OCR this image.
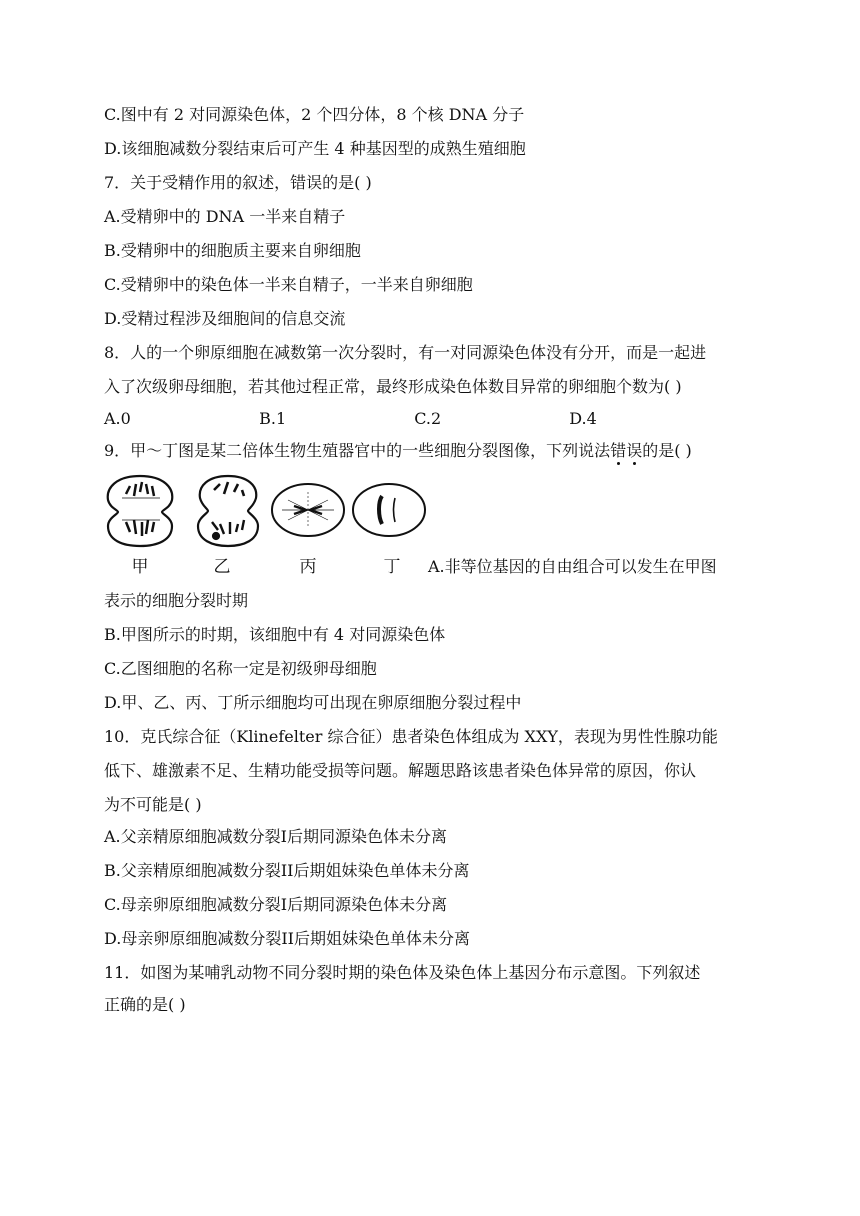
C.图中有 2 对同源染色体，2 个四分体，8 个核 DNA 分子
D.该细胞减数分裂结束后可产生 4 种基因型的成熟生殖细胞
7．关于受精作用的叙述，错误的是( )
A.受精卵中的 DNA 一半来自精子
B.受精卵中的细胞质主要来自卵细胞
C.受精卵中的染色体一半来自精子，一半来自卵细胞
D.受精过程涉及细胞间的信息交流
8．人的一个卵原细胞在减数第一次分裂时，有一对同源染色体没有分开，而是一起进
入了次级卵母细胞，若其他过程正常，最终形成染色体数目异常的卵细胞个数为( )
A.0	B.1	C.2	D.4
9．甲～丁图是某二倍体生物生殖器官中的一些细胞分裂图像，下列说法错误的是( )
甲	乙	丙	丁	A.非等位基因的自由组合可以发生在甲图
表示的细胞分裂时期
B.甲图所示的时期，该细胞中有 4 对同源染色体
C.乙图细胞的名称一定是初级卵母细胞
D.甲、乙、丙、丁所示细胞均可出现在卵原细胞分裂过程中
10．克氏综合征（Klinefelter 综合征）患者染色体组成为 XXY，表现为男性性腺功能
低下、雄激素不足、生精功能受损等问题。解题思路该患者染色体异常的原因，你认
为不可能是( )
A.父亲精原细胞减数分裂I后期同源染色体未分离
B.父亲精原细胞减数分裂II后期姐妹染色单体未分离
C.母亲卵原细胞减数分裂I后期同源染色体未分离
D.母亲卵原细胞减数分裂II后期姐妹染色单体未分离
11．如图为某哺乳动物不同分裂时期的染色体及染色体上基因分布示意图。下列叙述
正确的是( )
